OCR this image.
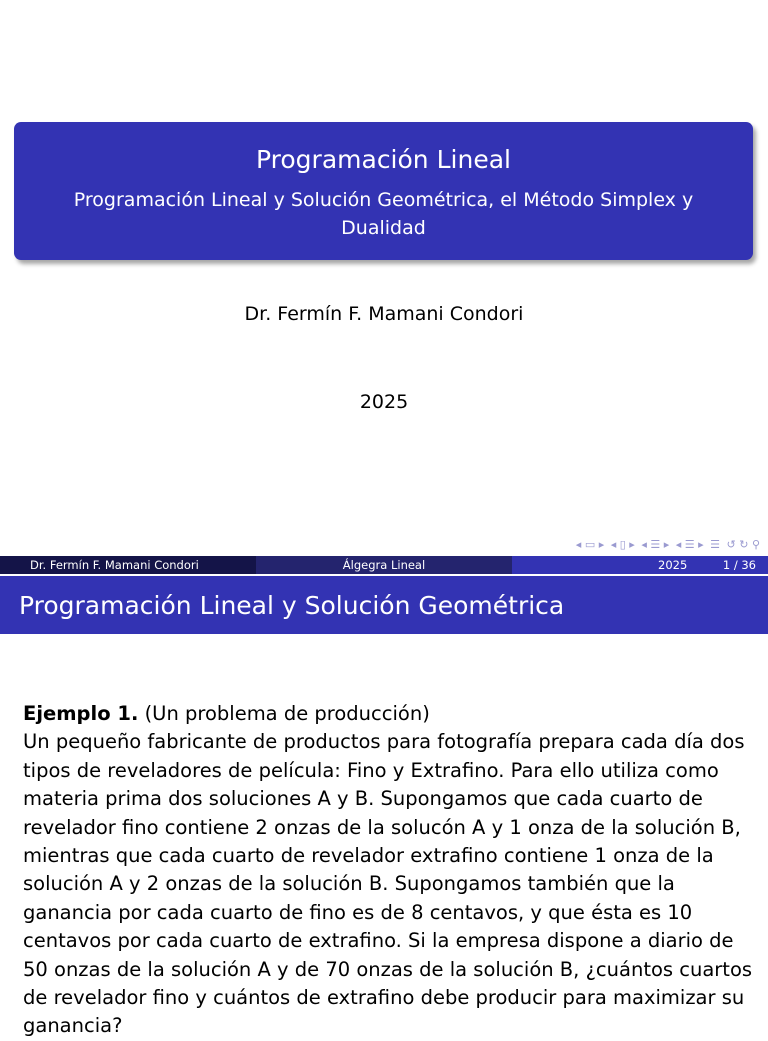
Programación Lineal
Programación Lineal y Solución Geométrica, el Método Simplex y Dualidad
Dr. Fermín F. Mamani Condori
2025
◂ ▭ ▸ ◂ ▯ ▸ ◂ ☰ ▸ ◂ ☰ ▸ ☰ ↺ ↻ ⚲
Dr. Fermín F. Mamani Condori	Álgegra Lineal	2025	1 / 36
Programación Lineal y Solución Geométrica
Ejemplo 1. (Un problema de producción)
Un pequeño fabricante de productos para fotografía prepara cada día dos tipos de reveladores de película: Fino y Extrafino. Para ello utiliza como materia prima dos soluciones A y B. Supongamos que cada cuarto de revelador fino contiene 2 onzas de la solucón A y 1 onza de la solución B, mientras que cada cuarto de revelador extrafino contiene 1 onza de la solución A y 2 onzas de la solución B. Supongamos también que la ganancia por cada cuarto de fino es de 8 centavos, y que ésta es 10 centavos por cada cuarto de extrafino. Si la empresa dispone a diario de 50 onzas de la solución A y de 70 onzas de la solución B, ¿cuántos cuartos de revelador fino y cuántos de extrafino debe producir para maximizar su ganancia?
